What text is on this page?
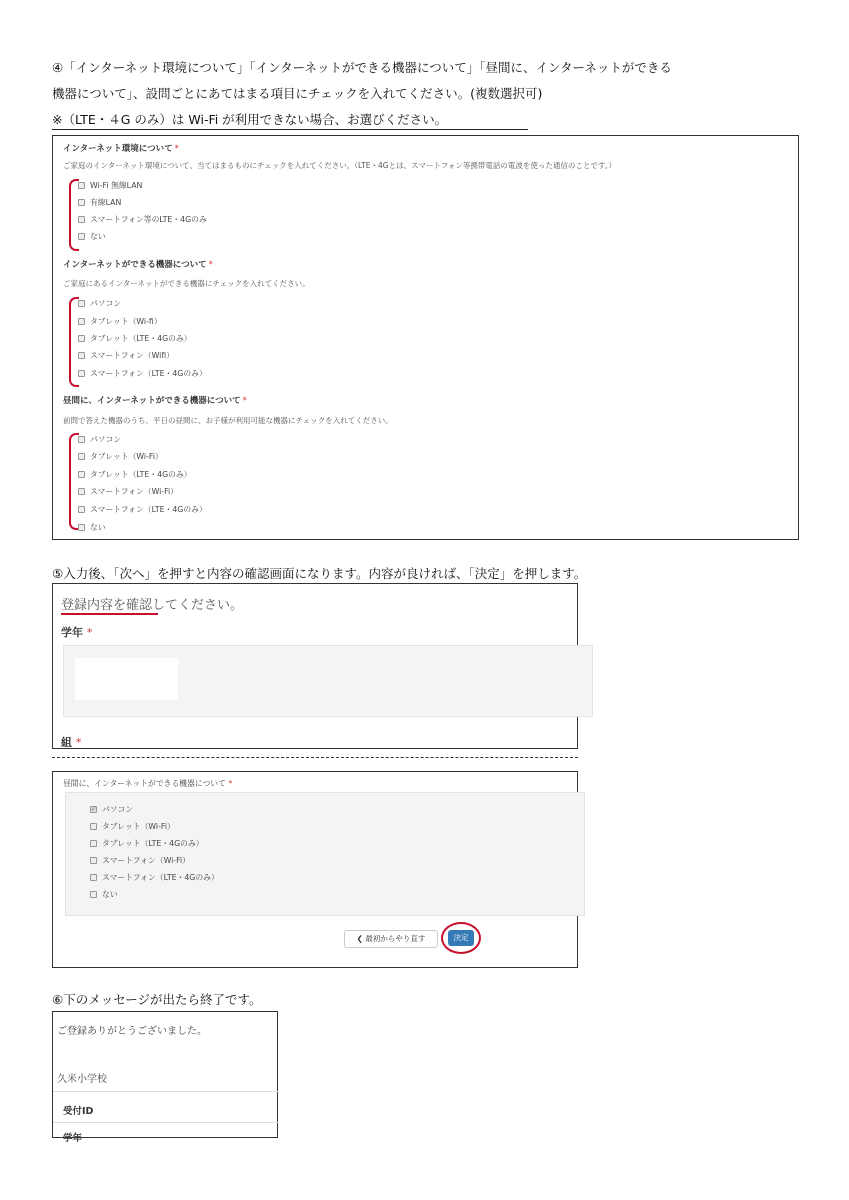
④「インターネット環境について」「インターネットができる機器について」「昼間に、インターネットができる
機器について」、設問ごとにあてはまる項目にチェックを入れてください。(複数選択可)
※（LTE・４G のみ）は Wi-Fi が利用できない場合、お選びください。
インターネット環境について *
ご家庭のインターネット環境について、当てはまるものにチェックを入れてください。（LTE・4Gとは、スマートフォン等携帯電話の電波を使った通信のことです。）
Wi-Fi 無線LAN
有線LAN
スマートフォン等のLTE・4Gのみ
ない
インターネットができる機器について *
ご家庭にあるインターネットができる機器にチェックを入れてください。
パソコン
タブレット（Wi-fi）
タブレット（LTE・4Gのみ）
スマートフォン（Wifi）
スマートフォン（LTE・4Gのみ）
昼間に、インターネットができる機器について *
前問で答えた機器のうち、平日の昼間に、お子様が利用可能な機器にチェックを入れてください。
パソコン
タブレット（Wi-Fi）
タブレット（LTE・4Gのみ）
スマートフォン（Wi-Fi）
スマートフォン（LTE・4Gのみ）
ない
⑤入力後、「次へ」を押すと内容の確認画面になります。内容が良ければ、「決定」を押します。
登録内容を確認してください。
学年 *
組 *
昼間に、インターネットができる機器について *
✓パソコン
タブレット（Wi-Fi）
タブレット（LTE・4Gのみ）
スマートフォン（Wi-Fi）
スマートフォン（LTE・4Gのみ）
ない
❮ 最初からやり直す	決定
⑥下のメッセージが出たら終了です。
ご登録ありがとうございました。
久米小学校
受付ID
学年
